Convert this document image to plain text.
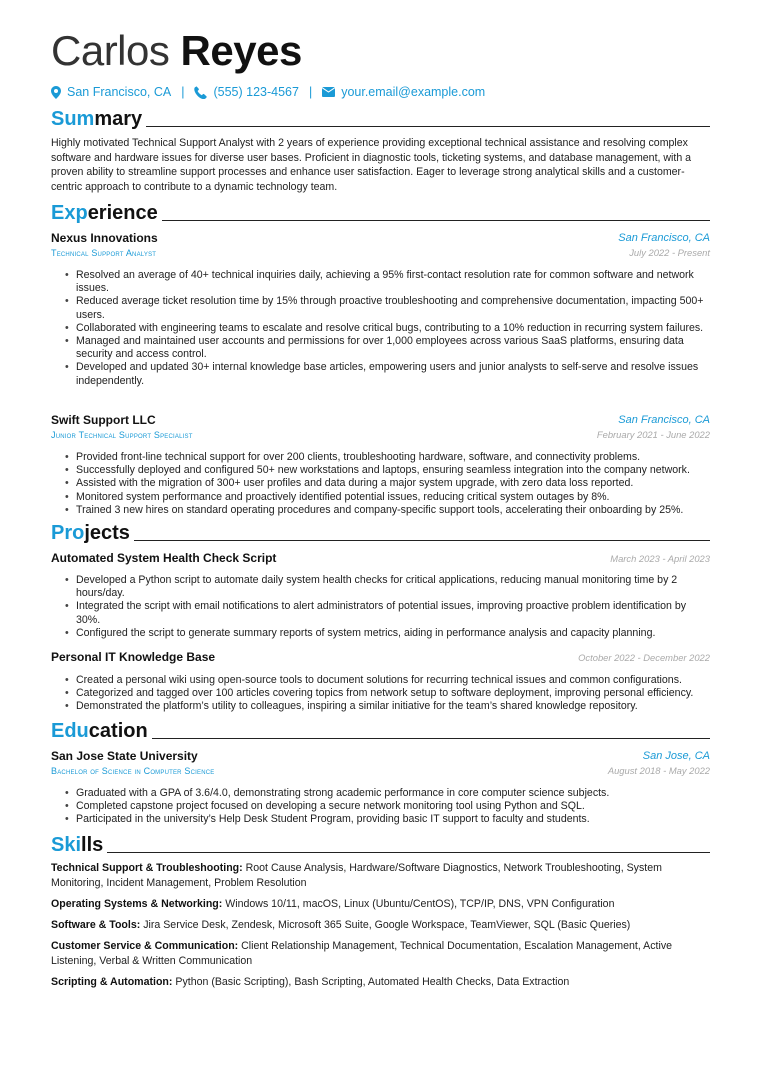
Carlos Reyes
San Francisco, CA | (555) 123-4567 | your.email@example.com
Sum mary
Highly motivated Technical Support Analyst with 2 years of experience providing exceptional technical assistance and resolving complex software and hardware issues for diverse user bases. Proficient in diagnostic tools, ticketing systems, and database management, with a proven ability to streamline support processes and enhance user satisfaction. Eager to leverage strong analytical skills and a customer-centric approach to contribute to a dynamic technology team.
Exp erience
Nexus Innovations	San Francisco, CA
Technical Support Analyst	July 2022 - Present
• Resolved an average of 40+ technical inquiries daily, achieving a 95% first-contact resolution rate for common software and network issues.
• Reduced average ticket resolution time by 15% through proactive troubleshooting and comprehensive documentation, impacting 500+ users.
• Collaborated with engineering teams to escalate and resolve critical bugs, contributing to a 10% reduction in recurring system failures.
• Managed and maintained user accounts and permissions for over 1,000 employees across various SaaS platforms, ensuring data security and access control.
• Developed and updated 30+ internal knowledge base articles, empowering users and junior analysts to self-serve and resolve issues independently.
Swift Support LLC	San Francisco, CA
Junior Technical Support Specialist	February 2021 - June 2022
• Provided front-line technical support for over 200 clients, troubleshooting hardware, software, and connectivity problems.
• Successfully deployed and configured 50+ new workstations and laptops, ensuring seamless integration into the company network.
• Assisted with the migration of 300+ user profiles and data during a major system upgrade, with zero data loss reported.
• Monitored system performance and proactively identified potential issues, reducing critical system outages by 8%.
• Trained 3 new hires on standard operating procedures and company-specific support tools, accelerating their onboarding by 25%.
Pro jects
Automated System Health Check Script	March 2023 - April 2023
• Developed a Python script to automate daily system health checks for critical applications, reducing manual monitoring time by 2 hours/day.
• Integrated the script with email notifications to alert administrators of potential issues, improving proactive problem identification by 30%.
• Configured the script to generate summary reports of system metrics, aiding in performance analysis and capacity planning.
Personal IT Knowledge Base	October 2022 - December 2022
• Created a personal wiki using open-source tools to document solutions for recurring technical issues and common configurations.
• Categorized and tagged over 100 articles covering topics from network setup to software deployment, improving personal efficiency.
• Demonstrated the platform’s utility to colleagues, inspiring a similar initiative for the team’s shared knowledge repository.
Edu cation
San Jose State University	San Jose, CA
Bachelor of Science in Computer Science	August 2018 - May 2022
• Graduated with a GPA of 3.6/4.0, demonstrating strong academic performance in core computer science subjects.
• Completed capstone project focused on developing a secure network monitoring tool using Python and SQL.
• Participated in the university’s Help Desk Student Program, providing basic IT support to faculty and students.
Ski lls
Technical Support & Troubleshooting: Root Cause Analysis, Hardware/Software Diagnostics, Network Troubleshooting, System Monitoring, Incident Management, Problem Resolution
Operating Systems & Networking: Windows 10/11, macOS, Linux (Ubuntu/CentOS), TCP/IP, DNS, VPN Configuration
Software & Tools: Jira Service Desk, Zendesk, Microsoft 365 Suite, Google Workspace, TeamViewer, SQL (Basic Queries)
Customer Service & Communication: Client Relationship Management, Technical Documentation, Escalation Management, Active Listening, Verbal & Written Communication
Scripting & Automation: Python (Basic Scripting), Bash Scripting, Automated Health Checks, Data Extraction
